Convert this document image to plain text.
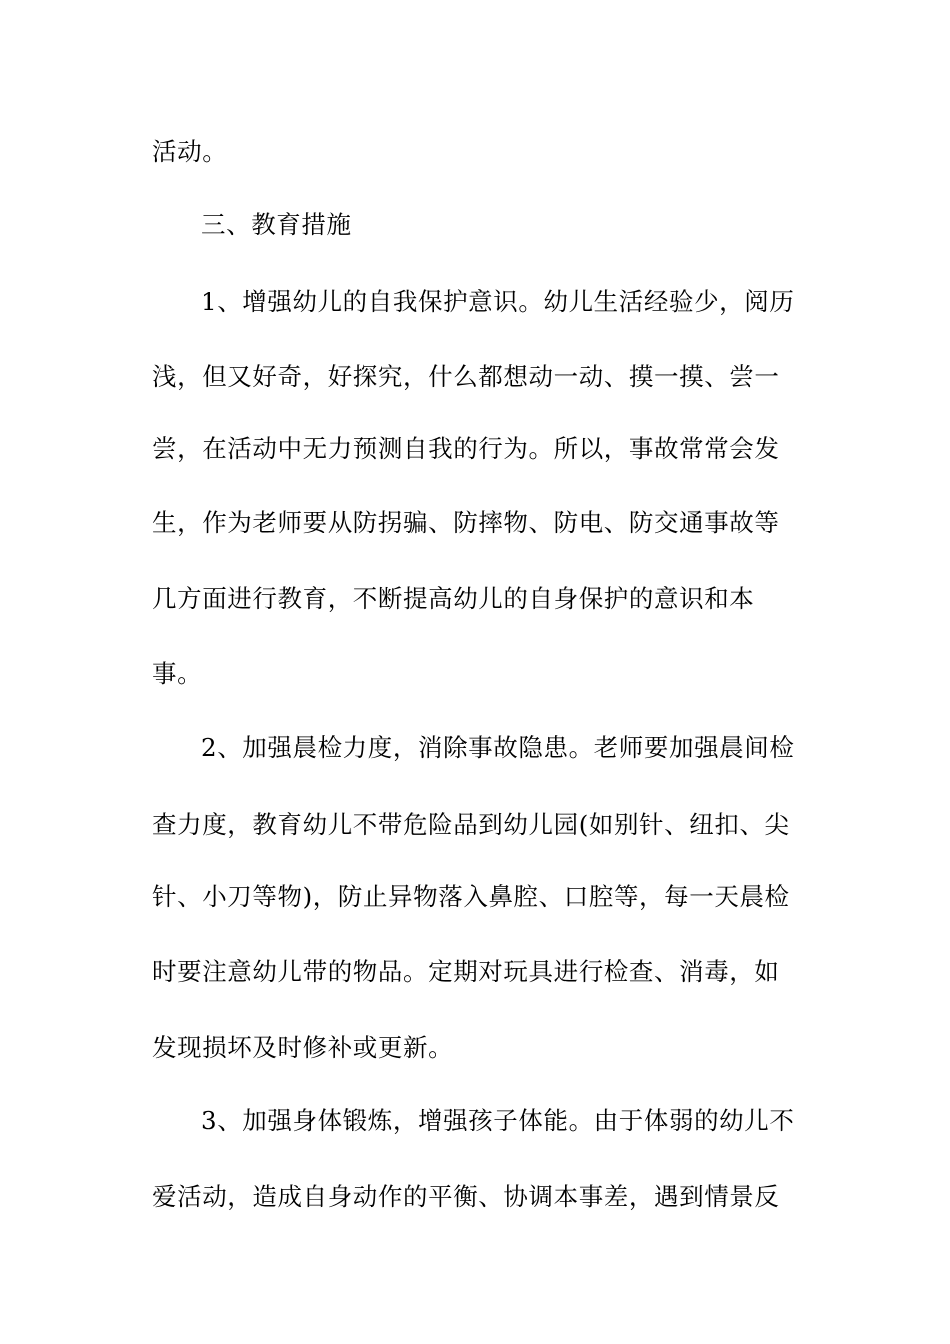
活动。
三、教育措施
1、增强幼儿的自我保护意识。幼儿生活经验少，阅历
浅，但又好奇，好探究，什么都想动一动、摸一摸、尝一
尝，在活动中无力预测自我的行为。所以，事故常常会发
生，作为老师要从防拐骗、防摔物、防电、防交通事故等
几方面进行教育，不断提高幼儿的自身保护的意识和本
事。
2、加强晨检力度，消除事故隐患。老师要加强晨间检
查力度，教育幼儿不带危险品到幼儿园(如别针、纽扣、尖
针、小刀等物)，防止异物落入鼻腔、口腔等，每一天晨检
时要注意幼儿带的物品。定期对玩具进行检查、消毒，如
发现损坏及时修补或更新。
3、加强身体锻炼，增强孩子体能。由于体弱的幼儿不
爱活动，造成自身动作的平衡、协调本事差，遇到情景反
